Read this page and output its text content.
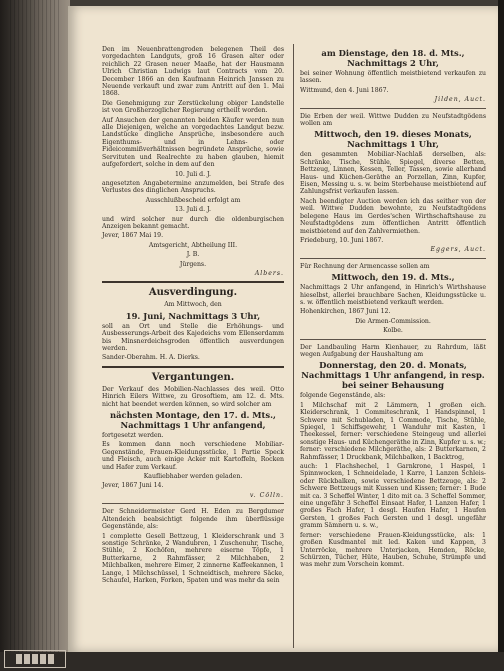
Den im Neuenbrattengroden belegenen Theil des vorgedachten Landguts, groß 16 Grasen alter oder reichlich 22 Grasen neuer Maaße, hat der Hausmann Ulrich Christian Ludwigs laut Contracts vom 20. December 1866 an den Kaufmann Heinrich Janssen zu Neuende verkauft und zwar zum Antritt auf den 1. Mai 1868.

Die Genehmigung zur Zerstückelung obiger Landstelle ist von Großherzoglicher Regierung ertheilt worden.

Auf Ansuchen der genannten beiden Käufer werden nun alle Diejenigen, welche an vorgedachtes Landgut bezw. Landstücke dingliche Ansprüche, insbesondere auch Eigenthums- und in Lehns- oder Fideicommißverhältnissen begründete Ansprüche, sowie Servituten und Realrechte zu haben glauben, hiemit aufgefordert, solche in dem auf den

10. Juli d. J.

angesetzten Angabetermine anzumelden, bei Strafe des Verlustes des dinglichen Anspruchs.

Ausschlußbescheid erfolgt am

13. Juli d. J.

und wird solcher nur durch die oldenburgischen Anzeigen bekannt gemacht.

Jever, 1867 Mai 19.

Amtsgericht, Abtheilung III.

J. B.

Jürgens.

Albers.

Ausverdingung.

Am Mittwoch, den

19. Juni, Nachmittags 3 Uhr,

soll an Ort und Stelle die Erhöhungs- und Ausbesserungs-Arbeit des Kajedeichs vom Ellenserdamm bis Minsnerdeichsgroden öffentlich ausverdungen werden.

Sander-Oberahm. H. A. Dierks.

Vergantungen.

Der Verkauf des Mobilien-Nachlasses des weil. Otto Hinrich Eilers Wittwe, zu Grosoftiem, am 12. d. Mts. nicht hat beendet werden können, so wird solcher am

nächsten Montage, den 17. d. Mts., Nachmittags 1 Uhr anfangend,

fortgesetzt werden.

Es kommen dann noch verschiedene Mobiliar-Gegenstände, Frauen-Kleidungsstücke, 1 Partie Speck und Fleisch, auch einige Acker mit Kartoffeln, Rocken und Hafer zum Verkauf.

Kaufliebhaber werden geladen.

Jever, 1867 Juni 14.

v. Cölln.

Der Schneidermeister Gerd H. Eden zu Bergdumer Altendeich beabsichtigt folgende ihm überflüssige Gegenstände, als:

1 complette Gesell Bettzeug, 1 Kleiderschrank und 3 sonstige Schränke, 2 Wandubren, 1 Zuschenuhr, Tische, Stühle, 2 Kochöfen, mehrere eiserne Töpfe, 1 Butterkarne, 2 Rahmfässer, 2 Milchhaben, 2 Milchbalken, mehrere Eimer, 2 zinnerne Kaffeekannen, 1 Lange, 1 Milchschüssel, 1 Schneidtisch, mehrere Säcke, Schaufel, Harken, Forken, Spaten und was mehr da sein

am Dienstage, den 18. d. Mts., Nachmittags 2 Uhr,

bei seiner Wohnung öffentlich meistbietend verkaufen zu lassen.

Wittmund, den 4. Juni 1867.

Jilden, Auct.

Die Erben der weil. Wittwe Dudden zu Neufstadtgödens wollen am

Mittwoch, den 19. dieses Monats, Nachmittags 1 Uhr,

den gesammten Mobiliar-Nachlaß derselben, als: Schränke, Tische, Stühle, Spiegel, diverse Betten, Bettzeug, Linnen, Kessen, Teller, Tassen, sowie allerhand Haus- und Küchen-Geräthe an Porzellan, Zinn, Kupfer, Eisen, Messing u. s. w. beim Sterbehause meistbietend auf Zahlungsfrist verkaufen lassen.

Nach beendigter Auction werden ich das seither von der weil. Wittwe Dudden bewohnte, zu Neufstadtgödens belegene Haus im Gerdes'schen Wirthschaftshause zu Neufstadtgödens zum öffentlichen Antritt öffentlich meistbietend auf den Zahlvermiethen.

Friedeburg, 10. Juni 1867.

Eggers, Auct.

Für Rechnung der Armencasse sollen am

Mittwoch, den 19. d. Mts.,

Nachmittags 2 Uhr anfangend, in Hinrich's Wirthshause hieselbst, allerlei brauchbare Sachen, Kleidungsstücke u. s. w. öffentlich meistbietend verkauft werden.

Hohenkirchen, 1867 Juni 12.

Die Armen-Commission.

Kolbe.

Der Landbauling Harm Kienhauer, zu Rahrdum, läßt wegen Aufgabung der Haushaltung am

Donnerstag, den 20. d. Monats, Nachmittags 1 Uhr anfangend, in resp. bei seiner Behausung

folgende Gegenstände, als:

1 Milchschaf mit 2 Lämmern, 1 großen eich. Kleiderschrank, 1 Commiteschrank, 1 Handspinnel, 1 Schwere mit Schubladen, 1 Commode, Tische, Stühle, Spiegel, 1 Schiffsgewehr, 1 Wanduhr mit Kasten, 1 Theekessel, ferner: verschiedene Steingeug und allerlei sonstige Haus- und Küchengeräthe in Zinn, Kupfer u. s. w.; ferner: verschiedene Milchgeräthe, als: 2 Butterkarnen, 2 Rahmfässer, 1 Druckbank, Milchbalken, 1 Backtrog,

auch: 1 Flachshechel, 1 Garnkrone, 1 Haspel, 1 Spinnwocken, 1 Schneidelade, 1 Karre, 1 Lanzen Schleis- oder Rückbalken, sowie verschiedene Bettzeuge, als: 2 Schwere Bettzeugs mit Kussen und Kissen; ferner: 1 Bude mit ca. 3 Scheffel Winter, 1 dito mit ca. 3 Scheffel Sommer, eine ungefähr 3 Scheffel Einsaat Hafer, 1 Lanzen Hafer, 1 großes Fach Hafer, 1 desgl. Haufen Hafer, 1 Haufen Gersten, 1 großes Fach Gersten und 1 desgl. ungefähr gramm Sämnern u. s. w.,

ferner: verschiedene Frauen-Kleidungsstücke, als: 1 großen Kusdmantel mit led. Kaken und Kappen, 3 Unterröcke, mehrere Unterjacken, Hemden, Röcke, Schürzen, Tücher, Hüte, Hauben, Schuhe, Strümpfe und was mehr zum Vorschein kommt.
